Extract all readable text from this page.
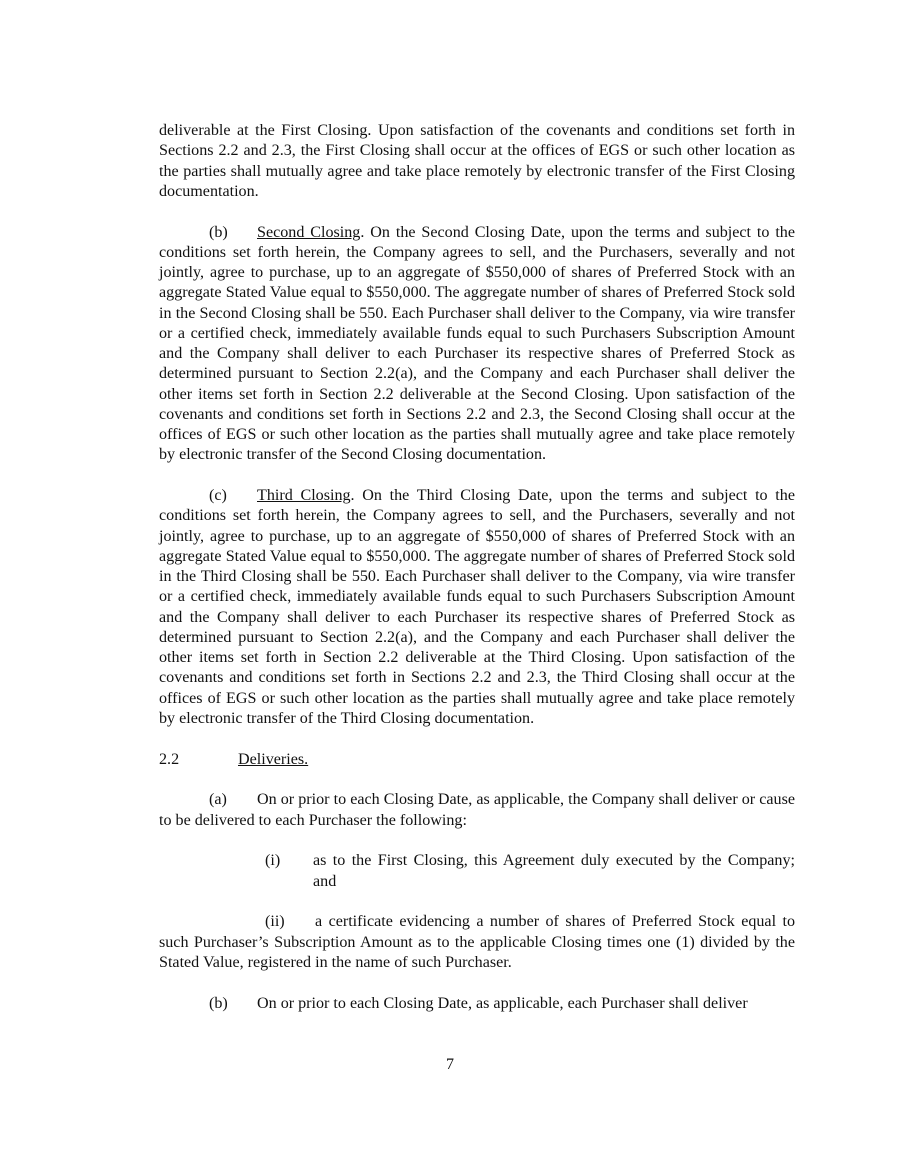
deliverable at the First Closing. Upon satisfaction of the covenants and conditions set forth in Sections 2.2 and 2.3, the First Closing shall occur at the offices of EGS or such other location as the parties shall mutually agree and take place remotely by electronic transfer of the First Closing documentation.

(b) Second Closing. On the Second Closing Date, upon the terms and subject to the conditions set forth herein, the Company agrees to sell, and the Purchasers, severally and not jointly, agree to purchase, up to an aggregate of $550,000 of shares of Preferred Stock with an aggregate Stated Value equal to $550,000. The aggregate number of shares of Preferred Stock sold in the Second Closing shall be 550. Each Purchaser shall deliver to the Company, via wire transfer or a certified check, immediately available funds equal to such Purchasers Subscription Amount and the Company shall deliver to each Purchaser its respective shares of Preferred Stock as determined pursuant to Section 2.2(a), and the Company and each Purchaser shall deliver the other items set forth in Section 2.2 deliverable at the Second Closing. Upon satisfaction of the covenants and conditions set forth in Sections 2.2 and 2.3, the Second Closing shall occur at the offices of EGS or such other location as the parties shall mutually agree and take place remotely by electronic transfer of the Second Closing documentation.

(c) Third Closing. On the Third Closing Date, upon the terms and subject to the conditions set forth herein, the Company agrees to sell, and the Purchasers, severally and not jointly, agree to purchase, up to an aggregate of $550,000 of shares of Preferred Stock with an aggregate Stated Value equal to $550,000. The aggregate number of shares of Preferred Stock sold in the Third Closing shall be 550. Each Purchaser shall deliver to the Company, via wire transfer or a certified check, immediately available funds equal to such Purchasers Subscription Amount and the Company shall deliver to each Purchaser its respective shares of Preferred Stock as determined pursuant to Section 2.2(a), and the Company and each Purchaser shall deliver the other items set forth in Section 2.2 deliverable at the Third Closing. Upon satisfaction of the covenants and conditions set forth in Sections 2.2 and 2.3, the Third Closing shall occur at the offices of EGS or such other location as the parties shall mutually agree and take place remotely by electronic transfer of the Third Closing documentation.

2.2	Deliveries.

(a) On or prior to each Closing Date, as applicable, the Company shall deliver or cause to be delivered to each Purchaser the following:

(i) as to the First Closing, this Agreement duly executed by the Company; and

(ii) a certificate evidencing a number of shares of Preferred Stock equal to such Purchaser’s Subscription Amount as to the applicable Closing times one (1) divided by the Stated Value, registered in the name of such Purchaser.

(b) On or prior to each Closing Date, as applicable, each Purchaser shall deliver

7
